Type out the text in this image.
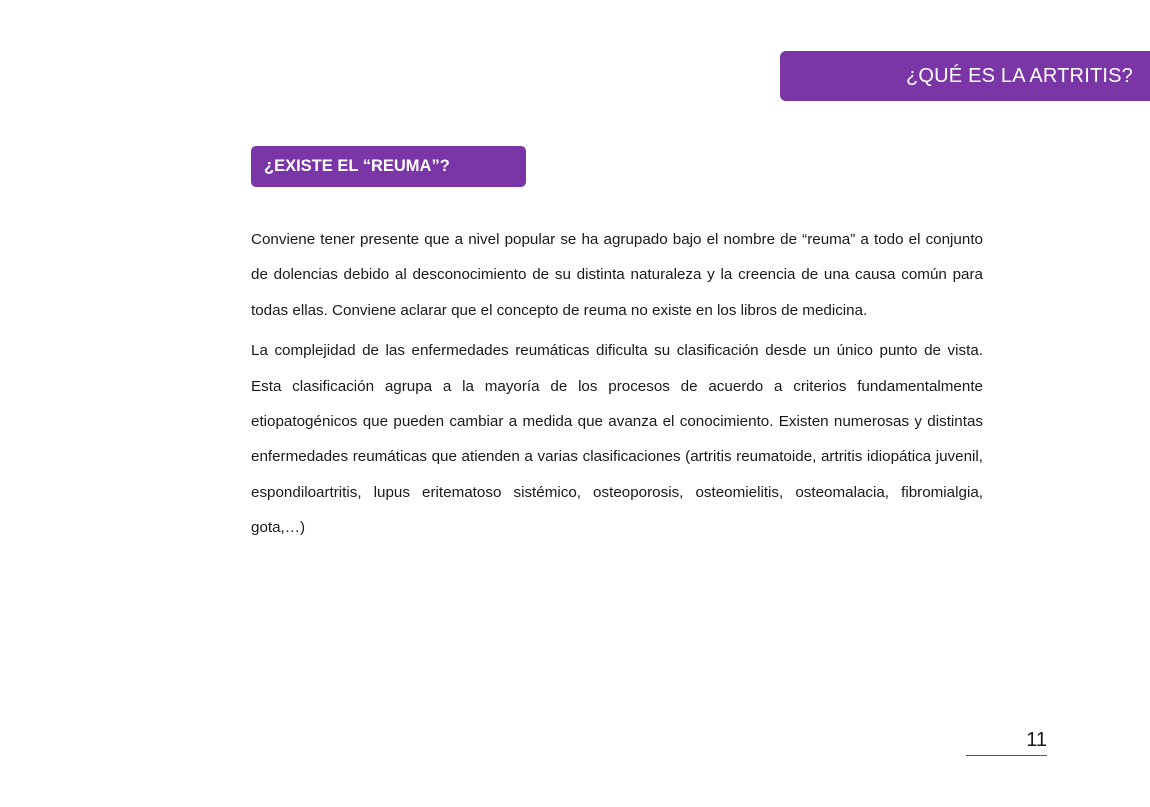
¿QUÉ ES LA ARTRITIS?
¿EXISTE EL “REUMA”?

Conviene tener presente que a nivel popular se ha agrupado bajo el nombre de “reuma” a todo el conjunto de dolencias debido al desconocimiento de su distinta naturaleza y la creencia de una causa común para todas ellas. Conviene aclarar que el concepto de reuma no existe en los libros de medicina.

La complejidad de las enfermedades reumáticas dificulta su clasificación desde un único punto de vista. Esta clasificación agrupa a la mayoría de los procesos de acuerdo a criterios fundamentalmente etiopatogénicos que pueden cambiar a medida que avanza el conocimiento. Existen numerosas y distintas enfermedades reumáticas que atienden a varias clasificaciones (artritis reumatoide, artritis idiopática juvenil, espondiloartritis, lupus eritematoso sistémico, osteoporosis, osteomielitis, osteomalacia, fibromialgia, gota,…)

11
